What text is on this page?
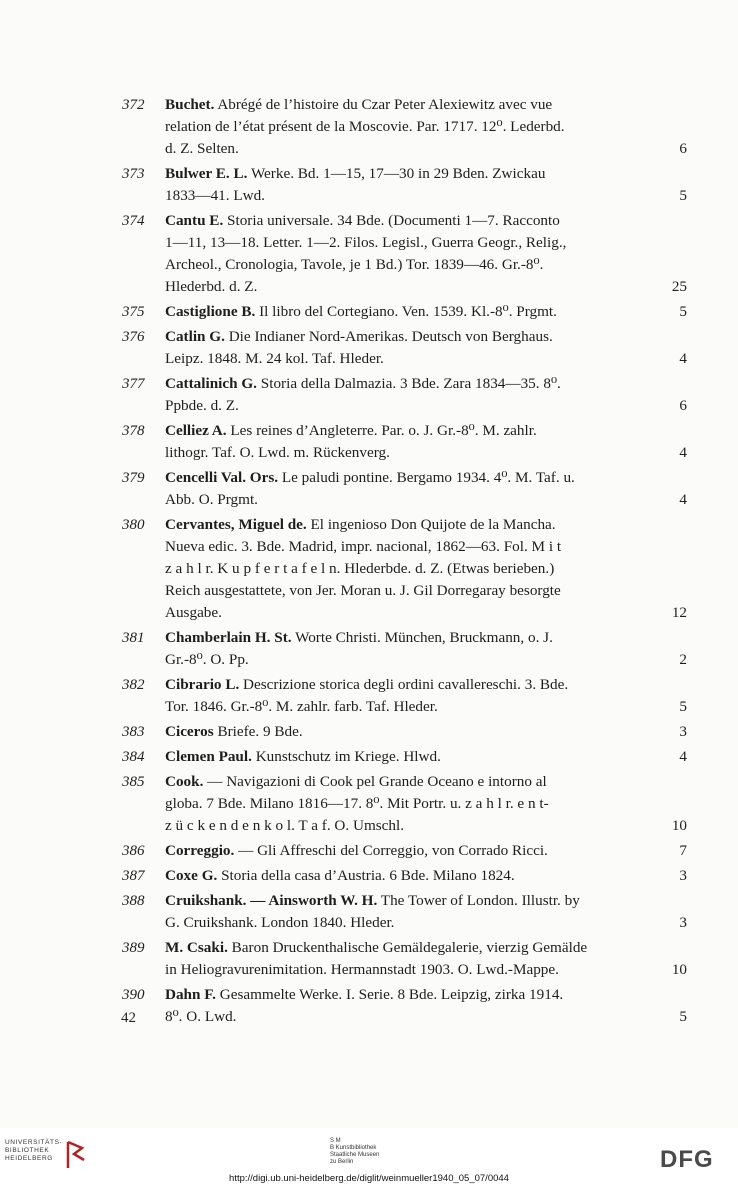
372 Buchet. Abrégé de l’histoire du Czar Peter Alexiewitz avec vue
relation de l’état présent de la Moscovie. Par. 1717. 12⁰. Lederbd.
d. Z. Selten.	6
373 Bulwer E. L. Werke. Bd. 1—15, 17—30 in 29 Bden. Zwickau
1833—41. Lwd.	5
374 Cantu E. Storia universale. 34 Bde. (Documenti 1—7. Racconto
1—11, 13—18. Letter. 1—2. Filos. Legisl., Guerra Geogr., Relig.,
Archeol., Cronologia, Tavole, je 1 Bd.) Tor. 1839—46. Gr.-8⁰.
Hlederbd. d. Z.	25
375 Castiglione B. Il libro del Cortegiano. Ven. 1539. Kl.-8⁰. Prgmt.	5
376 Catlin G. Die Indianer Nord-Amerikas. Deutsch von Berghaus.
Leipz. 1848. M. 24 kol. Taf. Hleder.	4
377 Cattalinich G. Storia della Dalmazia. 3 Bde. Zara 1834—35. 8⁰.
Ppbde. d. Z.	6
378 Celliez A. Les reines d’Angleterre. Par. o. J. Gr.-8⁰. M. zahlr.
lithogr. Taf. O. Lwd. m. Rückenverg.	4
379 Cencelli Val. Ors. Le paludi pontine. Bergamo 1934. 4⁰. M. Taf. u.
Abb. O. Prgmt.	4
380 Cervantes, Miguel de. El ingenioso Don Quijote de la Mancha.
Nueva edic. 3. Bde. Madrid, impr. nacional, 1862—63. Fol. M i t
z a h l r. K u p f e r t a f e l n. Hlederbde. d. Z. (Etwas berieben.)
Reich ausgestattete, von Jer. Moran u. J. Gil Dorregaray besorgte
Ausgabe.	12
381 Chamberlain H. St. Worte Christi. München, Bruckmann, o. J.
Gr.-8⁰. O. Pp.	2
382 Cibrario L. Descrizione storica degli ordini cavallereschi. 3. Bde.
Tor. 1846. Gr.-8⁰. M. zahlr. farb. Taf. Hleder.	5
383 Ciceros Briefe. 9 Bde.	3
384 Clemen Paul. Kunstschutz im Kriege. Hlwd.	4
385 Cook. — Navigazioni di Cook pel Grande Oceano e intorno al
globa. 7 Bde. Milano 1816—17. 8⁰. Mit Portr. u. z a h l r. e n t-
z ü c k e n d e n k o l. T a f. O. Umschl.	10
386 Correggio. — Gli Affreschi del Correggio, von Corrado Ricci.	7
387 Coxe G. Storia della casa d’Austria. 6 Bde. Milano 1824.	3
388 Cruikshank. — Ainsworth W. H. The Tower of London. Illustr. by
G. Cruikshank. London 1840. Hleder.	3
389 M. Csaki. Baron Druckenthalische Gemäldegalerie, vierzig Gemälde
in Heliogravurenimitation. Hermannstadt 1903. O. Lwd.-Mappe.	10
390 Dahn F. Gesammelte Werke. I. Serie. 8 Bde. Leipzig, zirka 1914.
8⁰. O. Lwd.	5
42
UNIVERSITÄTS-
BIBLIOTHEK
HEIDELBERG
S M
B Kunstbibliothek
Staatliche Museen
zu Berlin	DFG
http://digi.ub.uni-heidelberg.de/diglit/weinmueller1940_05_07/0044
